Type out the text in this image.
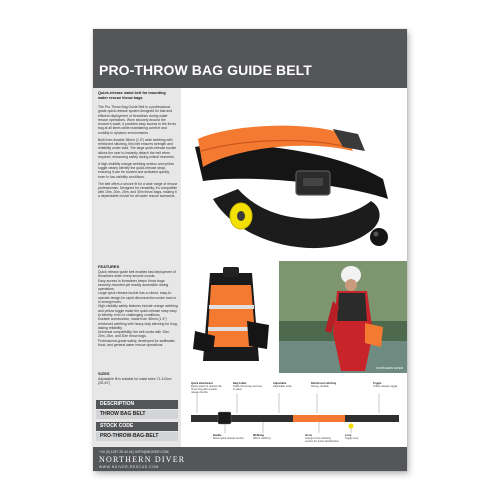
PRO-THROW BAG GUIDE BELT
Quick-release waist belt for mounting water rescue throw bags

The Pro-Throw Bag Guide Belt is a professional-grade quick-release system designed for fast and efficient deployment of throwlines during water rescue operations. Worn securely around the rescuer's waist, it provides easy access to the throw bag at all times while maintaining comfort and mobility in dynamic environments.

Built from durable 38mm (1.5") wide webbing with reinforced stitching, this belt ensures strength and reliability under load. The large quick-release buckle allows the user to instantly detach the belt when required, enhancing safety during critical moments.

A high-visibility orange webbing section and yellow toggle clearly identify the quick-release strap, ensuring it can be located and activated quickly, even in low-visibility conditions.

The belt offers a secure fit for a wide range of rescue professionals. Designed for versatility, it's compatible with 15m, 20m, 25m, and 30m throw bags, making it a dependable choice for all water rescue scenarios.

FEATURES

Quick release guide belt enables fast deployment of throwlines when every second counts.

Easy access to throwlines keeps throw bags securely mounted yet readily accessible during operations.

Large quick release buckle has a robust, easy-to-operate design for rapid disconnection under load or in emergencies.

High-visibility safety features include orange webbing and yellow toggle make the quick-release strap easy to identify, even in challenging conditions.

Durable construction, made from 38mm (1.5") reinforced webbing with heavy duty stitching for long-lasting reliability.

Universal compatibility, the belt works with 15m, 20m, 25m, and 30m throw bags.

Professional-grade safety, developed for swiftwater, flood, and general water rescue operations.

SIZES
Adjustable fit is suitable for waist sizes 71-112cm (28-44")
DESCRIPTION
THROW BAG BELT
STOCK CODE
PRO-THROW-BAG-BELT
NORTHERN DIVER
Quick attachment
Easily attach & release the throw bag with a quick-release buckle
Bag holder
Holds throw bag securely in place
Adjustable
Adjustable strap
Reinforced stitching
Strong, durable
Toggle
Yellow release toggle
Buckle
Metal quick-release buckle
Webbing
38mm webbing
Hi-vis
Orange hi-vis webbing section for quick identification
Loop
Toggle loop
+44 (0) 1257 25 44 44 | INFO@NDIVER.COM
NORTHERN DIVER
WWW.NDIVER-RESCUE.COM
